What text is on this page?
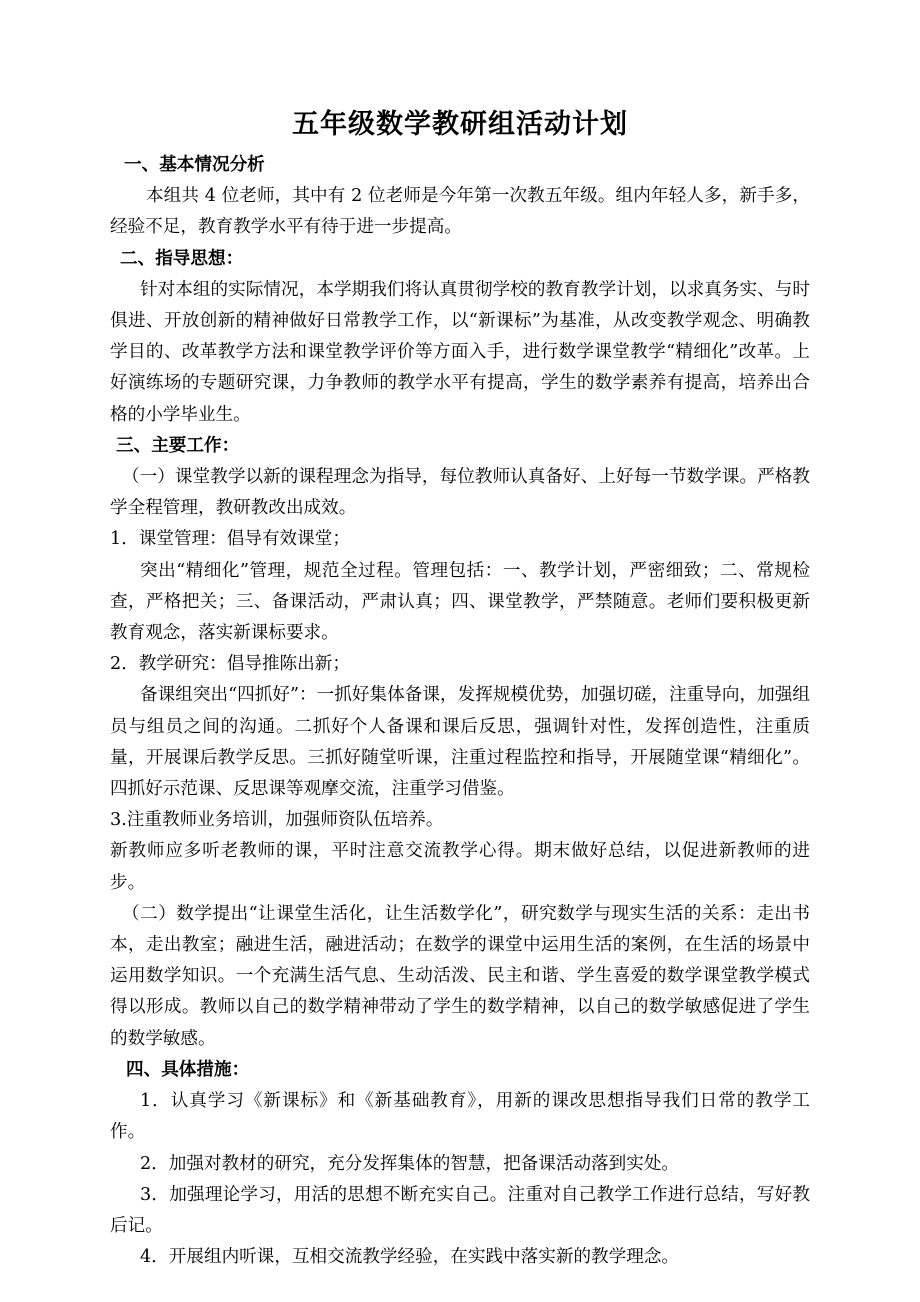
五年级数学教研组活动计划

一、基本情况分析

本组共 4 位老师，其中有 2 位老师是今年第一次教五年级。组内年轻人多，新手多，经验不足，教育教学水平有待于进一步提高。

二、指导思想：

针对本组的实际情况，本学期我们将认真贯彻学校的教育教学计划，以求真务实、与时俱进、开放创新的精神做好日常教学工作，以“新课标”为基准，从改变教学观念、明确教学目的、改革教学方法和课堂教学评价等方面入手，进行数学课堂教学“精细化”改革。上好演练场的专题研究课，力争教师的教学水平有提高，学生的数学素养有提高，培养出合格的小学毕业生。

三、主要工作：

（一）课堂教学以新的课程理念为指导，每位教师认真备好、上好每一节数学课。严格教学全程管理，教研教改出成效。

1．课堂管理：倡导有效课堂；

突出“精细化”管理，规范全过程。管理包括：一、教学计划，严密细致；二、常规检查，严格把关；三、备课活动，严肃认真；四、课堂教学，严禁随意。老师们要积极更新教育观念，落实新课标要求。

2．教学研究：倡导推陈出新；

备课组突出“四抓好”：一抓好集体备课，发挥规模优势，加强切磋，注重导向，加强组员与组员之间的沟通。二抓好个人备课和课后反思，强调针对性，发挥创造性，注重质量，开展课后教学反思。三抓好随堂听课，注重过程监控和指导，开展随堂课“精细化”。四抓好示范课、反思课等观摩交流，注重学习借鉴。

3.注重教师业务培训，加强师资队伍培养。

新教师应多听老教师的课，平时注意交流教学心得。期末做好总结，以促进新教师的进步。

（二）数学提出“让课堂生活化，让生活数学化”，研究数学与现实生活的关系：走出书本，走出教室；融进生活，融进活动；在数学的课堂中运用生活的案例，在生活的场景中运用数学知识。一个充满生活气息、生动活泼、民主和谐、学生喜爱的数学课堂教学模式得以形成。教师以自己的数学精神带动了学生的数学精神，以自己的数学敏感促进了学生的数学敏感。

四、具体措施：

1．认真学习《新课标》和《新基础教育》，用新的课改思想指导我们日常的教学工作。

2．加强对教材的研究，充分发挥集体的智慧，把备课活动落到实处。

3．加强理论学习，用活的思想不断充实自己。注重对自己教学工作进行总结，写好教后记。

4．开展组内听课，互相交流教学经验，在实践中落实新的教学理念。
